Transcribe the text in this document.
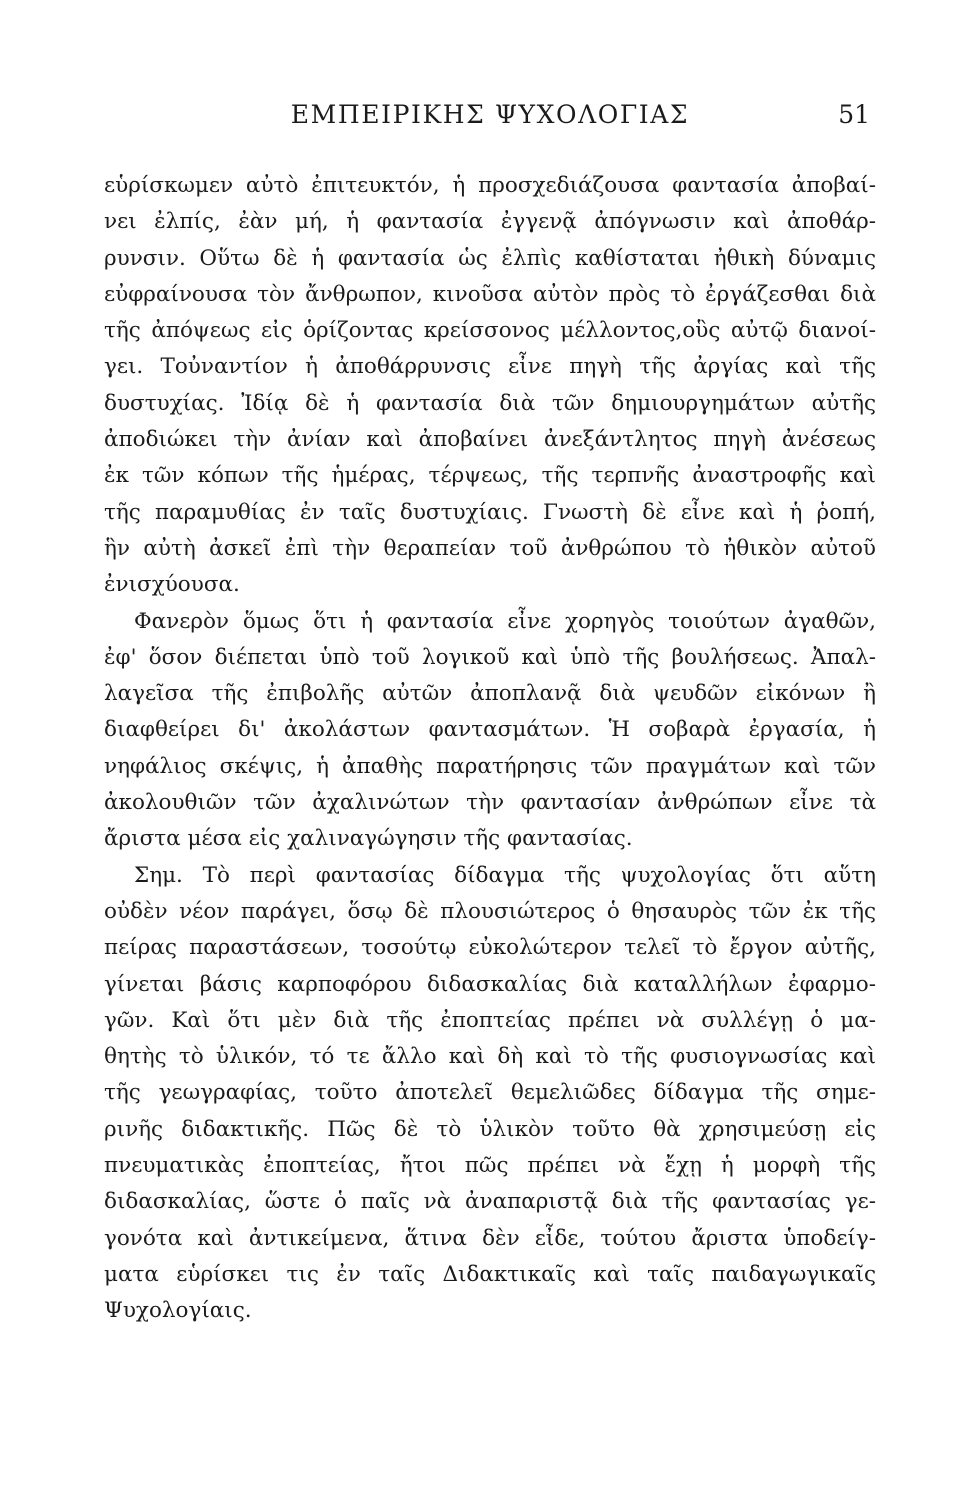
ΕΜΠΕΙΡΙΚΗΣ ΨΥΧΟΛΟΓΙΑΣ	51
εὑρίσκωμεν αὐτὸ ἐπιτευκτόν, ἡ προσχεδιάζουσα φαντασία ἀποβαί-
νει ἐλπίς, ἐὰν μή, ἡ φαντασία ἐγγενᾷ ἀπόγνωσιν καὶ ἀποθάρ-
ρυνσιν. Οὕτω δὲ ἡ φαντασία ὡς ἐλπὶς καθίσταται ἠθικὴ δύναμις
εὐφραίνουσα τὸν ἄνθρωπον, κινοῦσα αὐτὸν πρὸς τὸ ἐργάζεσθαι διὰ
τῆς ἀπόψεως εἰς ὁρίζοντας κρείσσονος μέλλοντος,οὓς αὐτῷ διανοί-
γει. Τοὐναντίον ἡ ἀποθάρρυνσις εἶνε πηγὴ τῆς ἀργίας καὶ τῆς
δυστυχίας. Ἰδίᾳ δὲ ἡ φαντασία διὰ τῶν δημιουργημάτων αὐτῆς
ἀποδιώκει τὴν ἀνίαν καὶ ἀποβαίνει ἀνεξάντλητος πηγὴ ἀνέσεως
ἐκ τῶν κόπων τῆς ἡμέρας, τέρψεως, τῆς τερπνῆς ἀναστροφῆς καὶ
τῆς παραμυθίας ἐν ταῖς δυστυχίαις. Γνωστὴ δὲ εἶνε καὶ ἡ ῥοπή,
ἣν αὐτὴ ἀσκεῖ ἐπὶ τὴν θεραπείαν τοῦ ἀνθρώπου τὸ ἠθικὸν αὐτοῦ
ἐνισχύουσα.
Φανερὸν ὅμως ὅτι ἡ φαντασία εἶνε χορηγὸς τοιούτων ἀγαθῶν,
ἐφ' ὅσον διέπεται ὑπὸ τοῦ λογικοῦ καὶ ὑπὸ τῆς βουλήσεως. Ἀπαλ-
λαγεῖσα τῆς ἐπιβολῆς αὐτῶν ἀποπλανᾷ διὰ ψευδῶν εἰκόνων ἢ
διαφθείρει δι' ἀκολάστων φαντασμάτων. Ἡ σοβαρὰ ἐργασία, ἡ
νηφάλιος σκέψις, ἡ ἀπαθὴς παρατήρησις τῶν πραγμάτων καὶ τῶν
ἀκολουθιῶν τῶν ἀχαλινώτων τὴν φαντασίαν ἀνθρώπων εἶνε τὰ
ἄριστα μέσα εἰς χαλιναγώγησιν τῆς φαντασίας.
Σημ. Τὸ περὶ φαντασίας δίδαγμα τῆς ψυχολογίας ὅτι αὕτη
οὐδὲν νέον παράγει, ὅσῳ δὲ πλουσιώτερος ὁ θησαυρὸς τῶν ἐκ τῆς
πείρας παραστάσεων, τοσούτῳ εὐκολώτερον τελεῖ τὸ ἔργον αὐτῆς,
γίνεται βάσις καρποφόρου διδασκαλίας διὰ καταλλήλων ἐφαρμο-
γῶν. Καὶ ὅτι μὲν διὰ τῆς ἐποπτείας πρέπει νὰ συλλέγῃ ὁ μα-
θητὴς τὸ ὑλικόν, τό τε ἄλλο καὶ δὴ καὶ τὸ τῆς φυσιογνωσίας καὶ
τῆς γεωγραφίας, τοῦτο ἀποτελεῖ θεμελιῶδες δίδαγμα τῆς σημε-
ρινῆς διδακτικῆς. Πῶς δὲ τὸ ὑλικὸν τοῦτο θὰ χρησιμεύσῃ εἰς
πνευματικὰς ἐποπτείας, ἤτοι πῶς πρέπει νὰ ἔχῃ ἡ μορφὴ τῆς
διδασκαλίας, ὥστε ὁ παῖς νὰ ἀναπαριστᾷ διὰ τῆς φαντασίας γε-
γονότα καὶ ἀντικείμενα, ἅτινα δὲν εἶδε, τούτου ἄριστα ὑποδείγ-
ματα εὑρίσκει τις ἐν ταῖς Διδακτικαῖς καὶ ταῖς παιδαγωγικαῖς
Ψυχολογίαις.
